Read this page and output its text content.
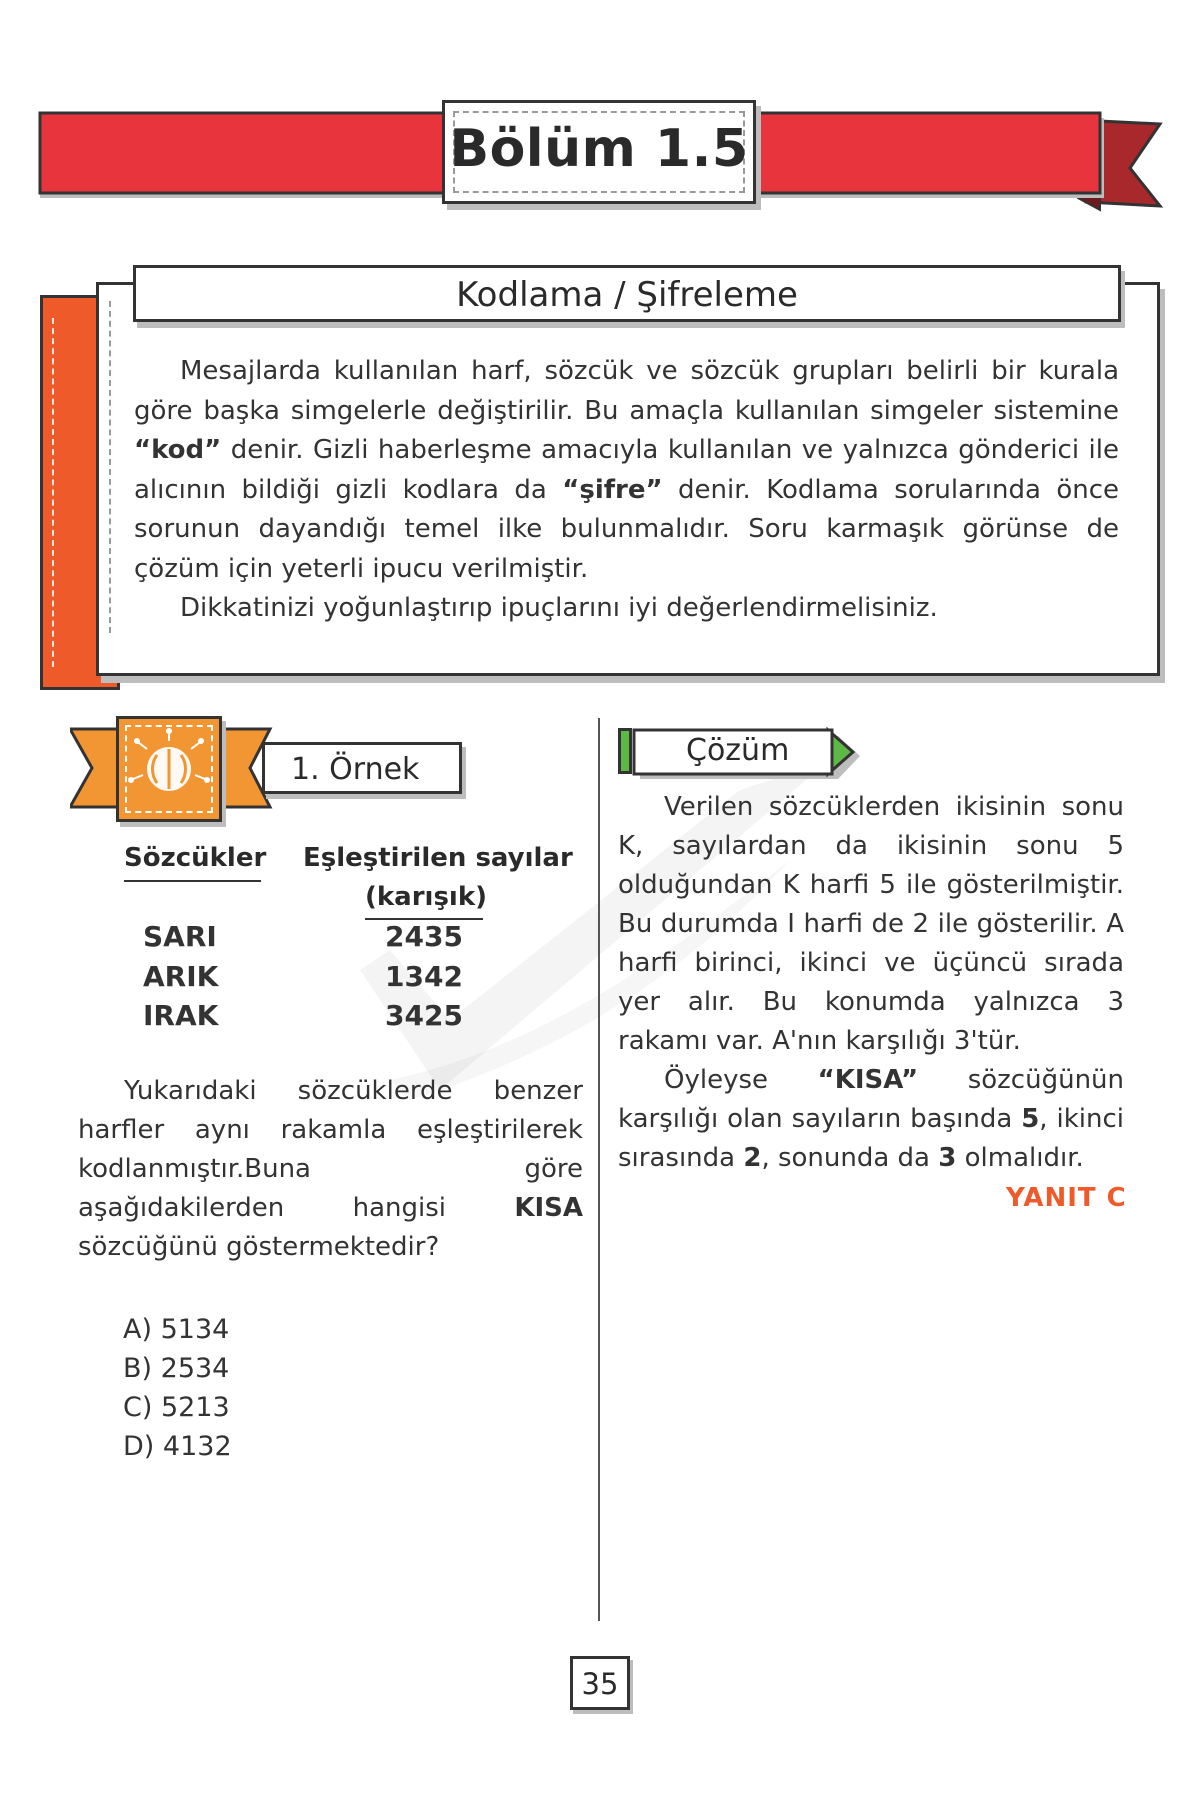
Bölüm 1.5
Kodlama / Şifreleme

Mesajlarda kullanılan harf, sözcük ve sözcük grupları belirli bir kurala göre başka simgelerle değiştirilir. Bu amaçla kullanılan simgeler sistemine “kod” denir. Gizli haberleşme amacıyla kullanılan ve yalnızca gönderici ile alıcının bildiği gizli kodlara da “şifre” denir. Kodlama sorularında önce sorunun dayandığı temel ilke bulunmalıdır. Soru karmaşık görünse de çözüm için yeterli ipucu verilmiştir.

Dikkatinizi yoğunlaştırıp ipuçlarını iyi değerlendirmelisiniz.

1. Örnek
Sözcükler Eşleştirilen sayılar
(karışık)
SARI	2435
ARIK	1342
IRAK	3425

Yukarıdaki sözcüklerde benzer harfler aynı rakamla eşleştirilerek kodlanmıştır.Buna göre aşağıdakilerden hangisi KISA sözcüğünü göstermektedir?

A) 5134
B) 2534
C) 5213
D) 4132
Çözüm

Verilen sözcüklerden ikisinin sonu K, sayılardan da ikisinin sonu 5 olduğundan K harfi 5 ile gösterilmiştir. Bu durumda I harfi de 2 ile gösterilir. A harfi birinci, ikinci ve üçüncü sırada yer alır. Bu konumda yalnızca 3 rakamı var. A'nın karşılığı 3'tür.

Öyleyse “KISA” sözcüğünün karşılığı olan sayıların başında 5, ikinci sırasında 2, sonunda da 3 olmalıdır.

YANIT C
35
